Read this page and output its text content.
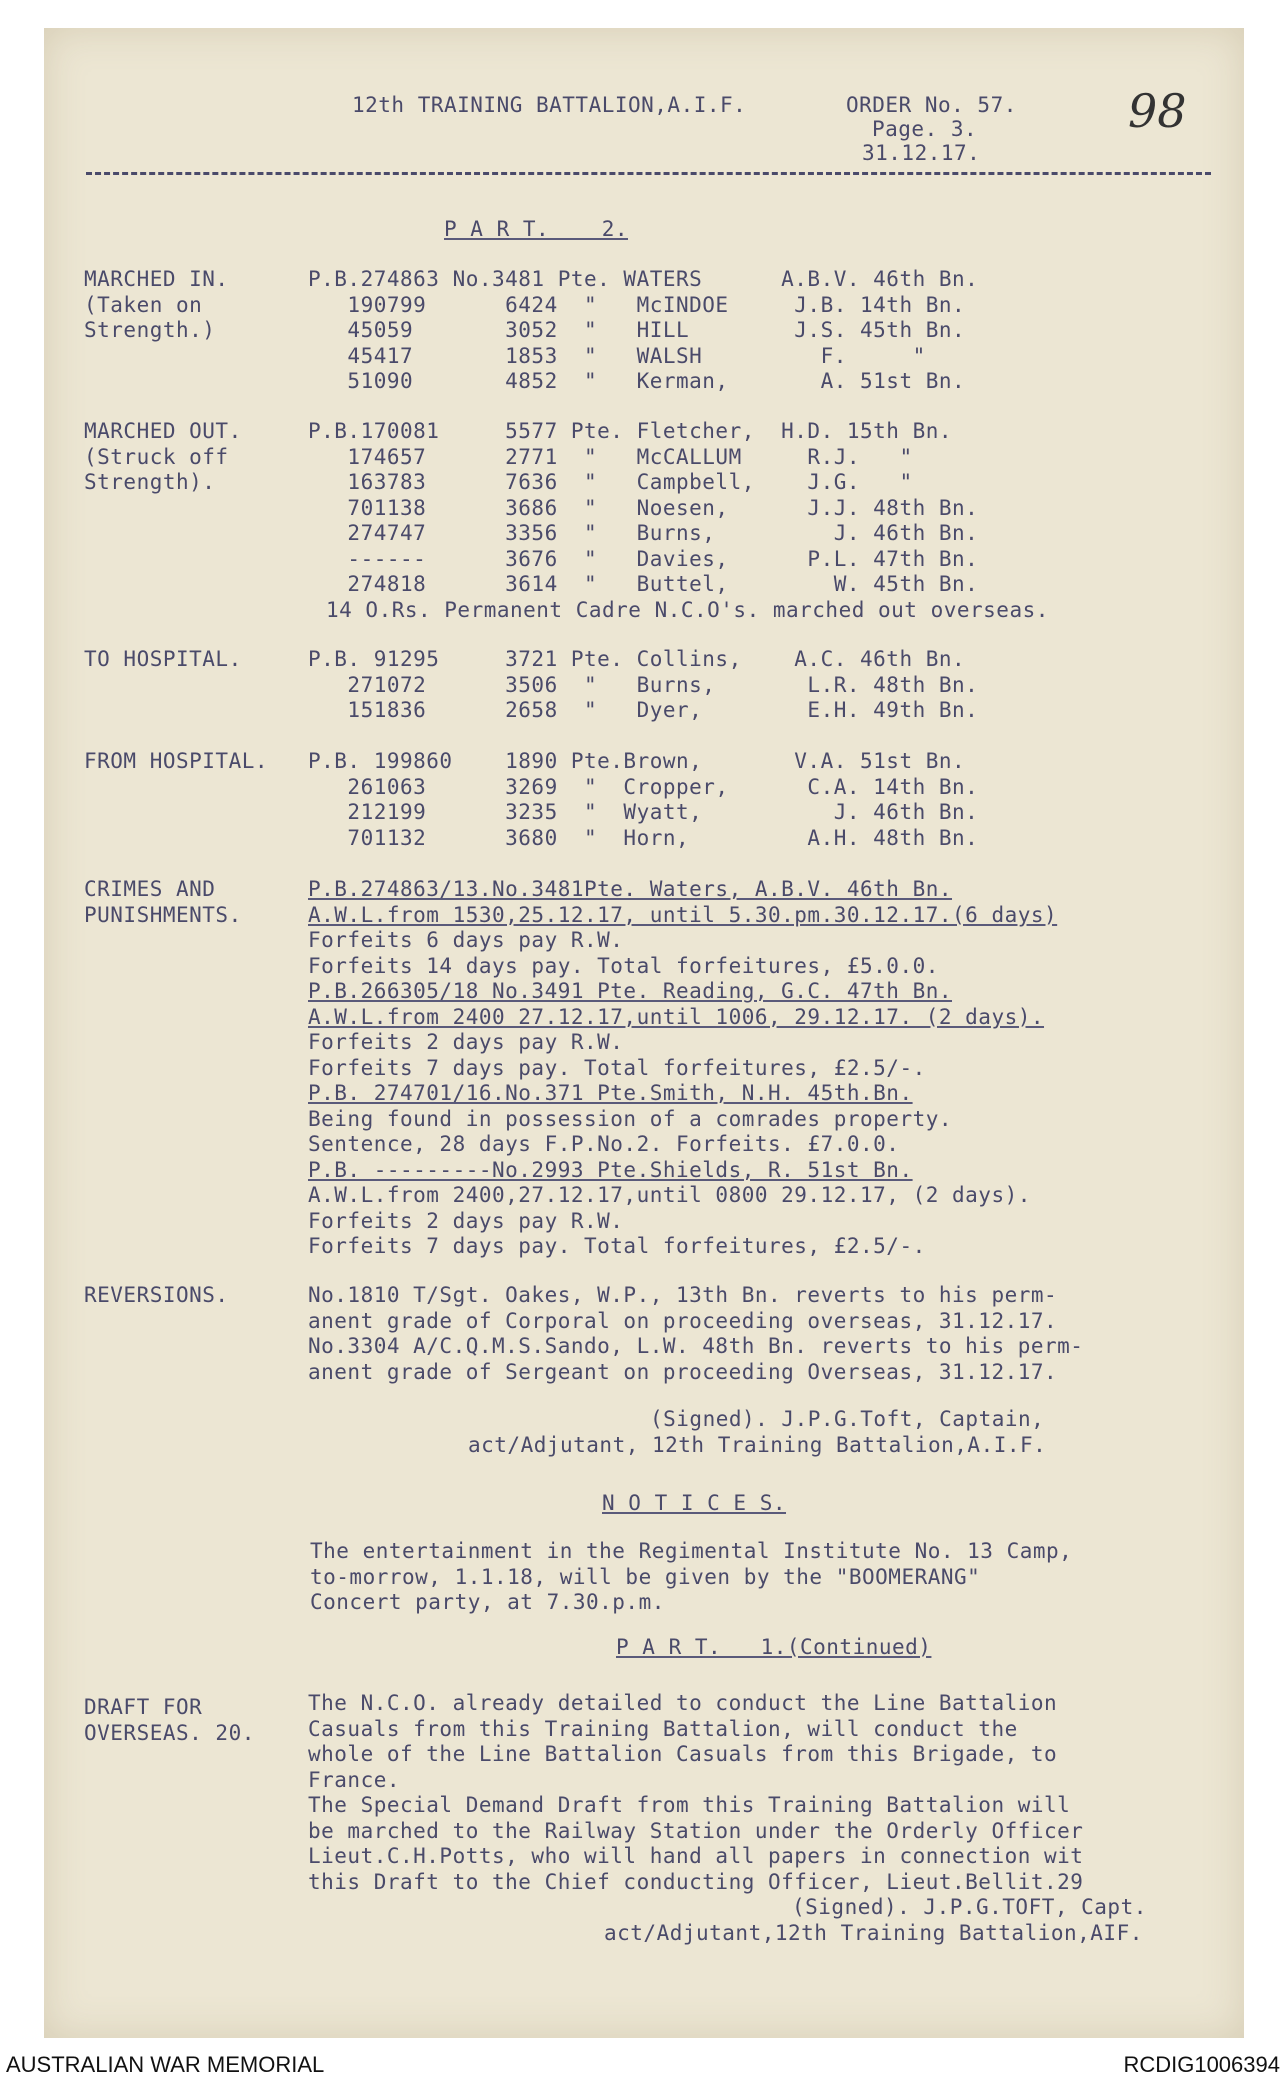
98
12th TRAINING BATTALION,A.I.F.	ORDER No. 57.
Page. 3.
31.12.17.
P A R T.    2.
MARCHED IN.
(Taken on
Strength.)
P.B.274863 No.3481 Pte. WATERS      A.B.V. 46th Bn.
190799      6424  "   McINDOE     J.B. 14th Bn.
45059       3052  "   HILL        J.S. 45th Bn.
45417       1853  "   WALSH         F.     "
51090       4852  "   Kerman,       A. 51st Bn.
MARCHED OUT.
(Struck off
Strength).
P.B.170081     5577 Pte. Fletcher,  H.D. 15th Bn.
174657      2771  "   McCALLUM     R.J.   "
163783      7636  "   Campbell,    J.G.   "
701138      3686  "   Noesen,      J.J. 48th Bn.
274747      3356  "   Burns,         J. 46th Bn.
------      3676  "   Davies,      P.L. 47th Bn.
274818      3614  "   Buttel,        W. 45th Bn.
14 O.Rs. Permanent Cadre N.C.O's. marched out overseas.
TO HOSPITAL.	P.B. 91295     3721 Pte. Collins,    A.C. 46th Bn.
271072      3506  "   Burns,       L.R. 48th Bn.
151836      2658  "   Dyer,        E.H. 49th Bn.
FROM HOSPITAL. P.B. 199860    1890 Pte.Brown,       V.A. 51st Bn.
261063      3269  "  Cropper,      C.A. 14th Bn.
212199      3235  "  Wyatt,          J. 46th Bn.
701132      3680  "  Horn,         A.H. 48th Bn.
CRIMES AND
PUNISHMENTS.
P.B.274863/13.No.3481Pte. Waters, A.B.V. 46th Bn.
A.W.L.from 1530,25.12.17, until 5.30.pm.30.12.17.(6 days)
Forfeits 6 days pay R.W.
Forfeits 14 days pay. Total forfeitures, £5.0.0.
P.B.266305/18 No.3491 Pte. Reading, G.C. 47th Bn.
A.W.L.from 2400 27.12.17,until 1006, 29.12.17. (2 days).
Forfeits 2 days pay R.W.
Forfeits 7 days pay. Total forfeitures, £2.5/-.
P.B. 274701/16.No.371 Pte.Smith, N.H. 45th.Bn.
Being found in possession of a comrades property.
Sentence, 28 days F.P.No.2. Forfeits. £7.0.0.
P.B. ---------No.2993 Pte.Shields, R. 51st Bn.
A.W.L.from 2400,27.12.17,until 0800 29.12.17, (2 days).
Forfeits 2 days pay R.W.
Forfeits 7 days pay. Total forfeitures, £2.5/-.
REVERSIONS.	No.1810 T/Sgt. Oakes, W.P., 13th Bn. reverts to his perm-
anent grade of Corporal on proceeding overseas, 31.12.17.
No.3304 A/C.Q.M.S.Sando, L.W. 48th Bn. reverts to his perm-
anent grade of Sergeant on proceeding Overseas, 31.12.17.
(Signed). J.P.G.Toft, Captain,
act/Adjutant, 12th Training Battalion,A.I.F.
N O T I C E S.
The entertainment in the Regimental Institute No. 13 Camp,
to-morrow, 1.1.18, will be given by the "BOOMERANG"
Concert party, at 7.30.p.m.
P A R T.   1.(Continued)
DRAFT FOR
OVERSEAS. 20.
The N.C.O. already detailed to conduct the Line Battalion
Casuals from this Training Battalion, will conduct the
whole of the Line Battalion Casuals from this Brigade, to
France.
The Special Demand Draft from this Training Battalion will
be marched to the Railway Station under the Orderly Officer
Lieut.C.H.Potts, who will hand all papers in connection wit
this Draft to the Chief conducting Officer, Lieut.Bellit.29
(Signed). J.P.G.TOFT, Capt.
act/Adjutant,12th Training Battalion,AIF.
AUSTRALIAN WAR MEMORIAL	RCDIG1006394
